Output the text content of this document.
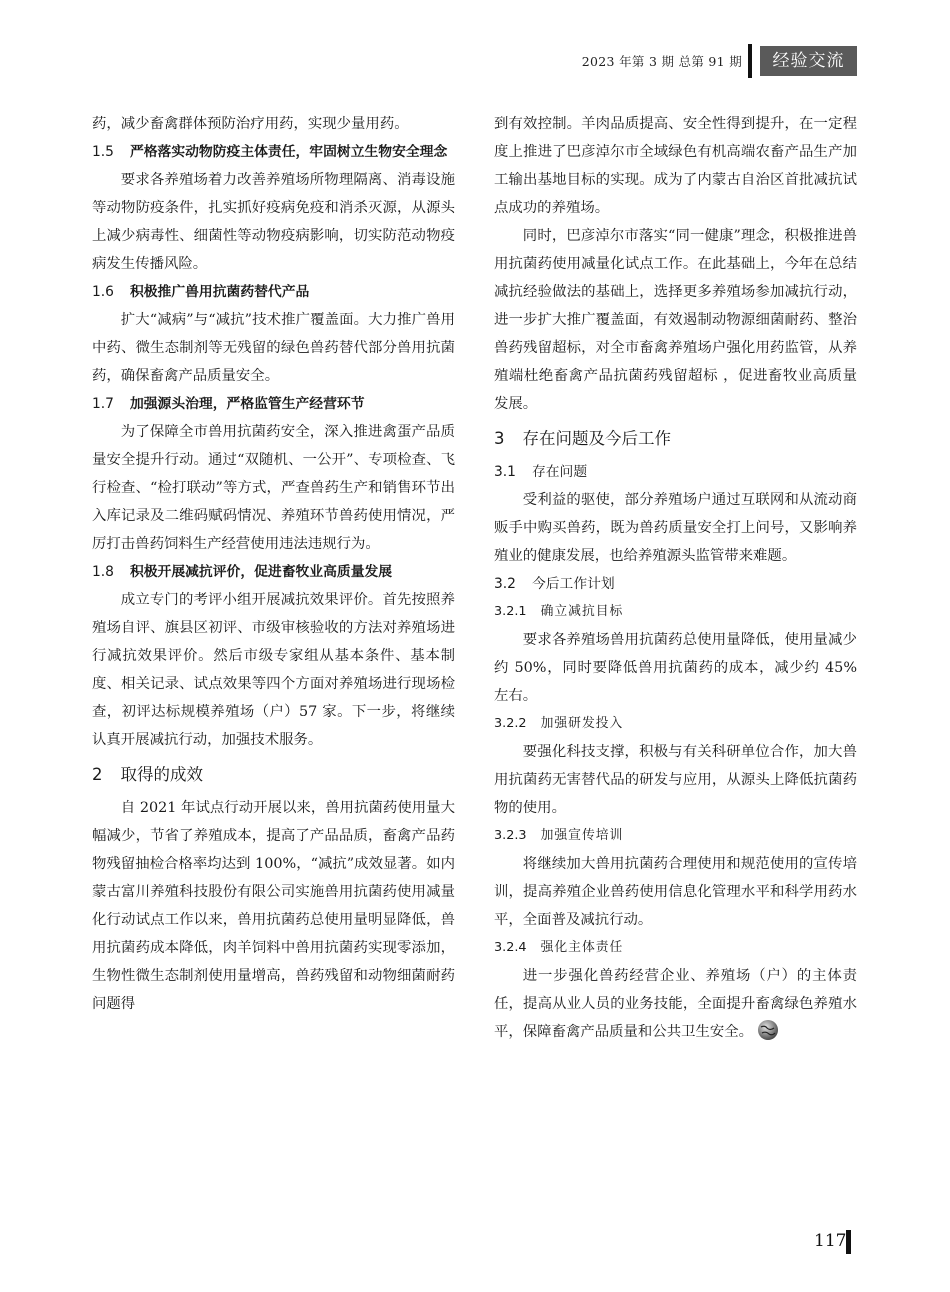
2023 年第 3 期 总第 91 期	经验交流

药，减少畜禽群体预防治疗用药，实现少量用药。

1.5 严格落实动物防疫主体责任，牢固树立生物安全理念

要求各养殖场着力改善养殖场所物理隔离、消毒设施等动物防疫条件，扎实抓好疫病免疫和消杀灭源，从源头上减少病毒性、细菌性等动物疫病影响，切实防范动物疫病发生传播风险。

1.6 积极推广兽用抗菌药替代产品

扩大“减病”与“减抗”技术推广覆盖面。大力推广兽用中药、微生态制剂等无残留的绿色兽药替代部分兽用抗菌药，确保畜禽产品质量安全。

1.7 加强源头治理，严格监管生产经营环节

为了保障全市兽用抗菌药安全，深入推进禽蛋产品质量安全提升行动。通过“双随机、一公开”、专项检查、飞行检查、“检打联动”等方式，严查兽药生产和销售环节出入库记录及二维码赋码情况、养殖环节兽药使用情况，严厉打击兽药饲料生产经营使用违法违规行为。

1.8 积极开展减抗评价，促进畜牧业高质量发展

成立专门的考评小组开展减抗效果评价。首先按照养殖场自评、旗县区初评、市级审核验收的方法对养殖场进行减抗效果评价。然后市级专家组从基本条件、基本制度、相关记录、试点效果等四个方面对养殖场进行现场检查，初评达标规模养殖场（户）57 家。下一步，将继续认真开展减抗行动，加强技术服务。

2 取得的成效

自 2021 年试点行动开展以来，兽用抗菌药使用量大幅减少，节省了养殖成本，提高了产品品质，畜禽产品药物残留抽检合格率均达到 100%，“减抗”成效显著。如内蒙古富川养殖科技股份有限公司实施兽用抗菌药使用减量化行动试点工作以来，兽用抗菌药总使用量明显降低，兽用抗菌药成本降低，肉羊饲料中兽用抗菌药实现零添加，生物性微生态制剂使用量增高，兽药残留和动物细菌耐药问题得

到有效控制。羊肉品质提高、安全性得到提升，在一定程度上推进了巴彦淖尔市全域绿色有机高端农畜产品生产加工输出基地目标的实现。成为了内蒙古自治区首批减抗试点成功的养殖场。

同时，巴彦淖尔市落实“同一健康”理念，积极推进兽用抗菌药使用减量化试点工作。在此基础上，今年在总结减抗经验做法的基础上，选择更多养殖场参加减抗行动，进一步扩大推广覆盖面，有效遏制动物源细菌耐药、整治兽药残留超标，对全市畜禽养殖场户强化用药监管，从养殖端杜绝畜禽产品抗菌药残留超标 ，促进畜牧业高质量发展。

3 存在问题及今后工作
3.1 存在问题

受利益的驱使，部分养殖场户通过互联网和从流动商贩手中购买兽药，既为兽药质量安全打上问号，又影响养殖业的健康发展，也给养殖源头监管带来难题。

3.2 今后工作计划
3.2.1 确立减抗目标

要求各养殖场兽用抗菌药总使用量降低，使用量减少约 50%，同时要降低兽用抗菌药的成本，减少约 45% 左右。

3.2.2 加强研发投入

要强化科技支撑，积极与有关科研单位合作，加大兽用抗菌药无害替代品的研发与应用，从源头上降低抗菌药物的使用。

3.2.3 加强宣传培训

将继续加大兽用抗菌药合理使用和规范使用的宣传培训，提高养殖企业兽药使用信息化管理水平和科学用药水平，全面普及减抗行动。

3.2.4 强化主体责任

进一步强化兽药经营企业、养殖场（户）的主体责任，提高从业人员的业务技能，全面提升畜禽绿色养殖水平，保障畜禽产品质量和公共卫生安全。

117
